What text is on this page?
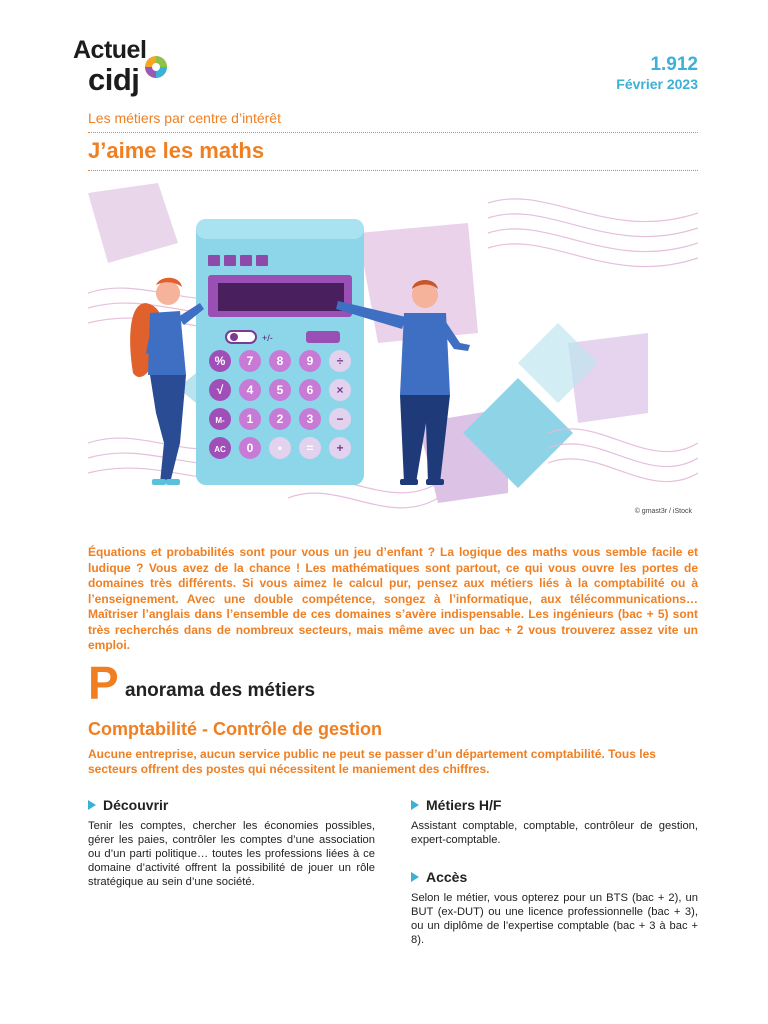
Actuel
cidj	1.912
Février 2023
Les métiers par centre d’intérêt
J’aime les maths
+/-
% 7 8 9 ÷
√ 4 5 6 ×
M- 1 2 3 −
AC 0 • = +
© gmast3r / iStock
Équations et probabilités sont pour vous un jeu d’enfant ? La logique des maths vous semble facile et ludique ? Vous avez de la chance ! Les mathématiques sont partout, ce qui vous ouvre les portes de domaines très différents. Si vous aimez le calcul pur, pensez aux métiers liés à la comptabilité ou à l’enseignement. Avec une double compétence, songez à l’informatique, aux télécommunications… Maîtriser l’anglais dans l’ensemble de ces domaines s’avère indispensable. Les ingénieurs (bac + 5) sont très recherchés dans de nombreux secteurs, mais même avec un bac + 2 vous trouverez assez vite un emploi.
P anorama des métiers
Comptabilité - Contrôle de gestion
Aucune entreprise, aucun service public ne peut se passer d’un département comptabilité. Tous les secteurs offrent des postes qui nécessitent le maniement des chiffres.
Découvrir

Tenir les comptes, chercher les économies possibles, gérer les paies, contrôler les comptes d’une association ou d’un parti politique… toutes les professions liées à ce domaine d’activité offrent la possibilité de jouer un rôle stratégique au sein d’une société.

Métiers H/F

Assistant comptable, comptable, contrôleur de gestion, expert-comptable.

Accès

Selon le métier, vous opterez pour un BTS (bac + 2), un BUT (ex-DUT) ou une licence professionnelle (bac + 3), ou un diplôme de l’expertise comptable (bac + 3 à bac + 8).
